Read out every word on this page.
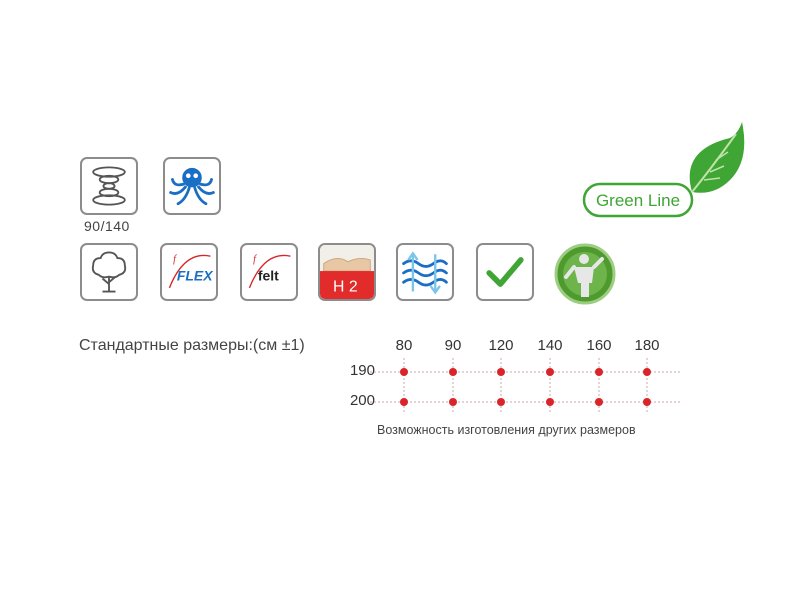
90/140
f
FLEX
f
felt
H 2
Green Line
Стандартные размеры:(см ±1)	80	90	120	140	160	180
190
200
Возможность изготовления других размеров
